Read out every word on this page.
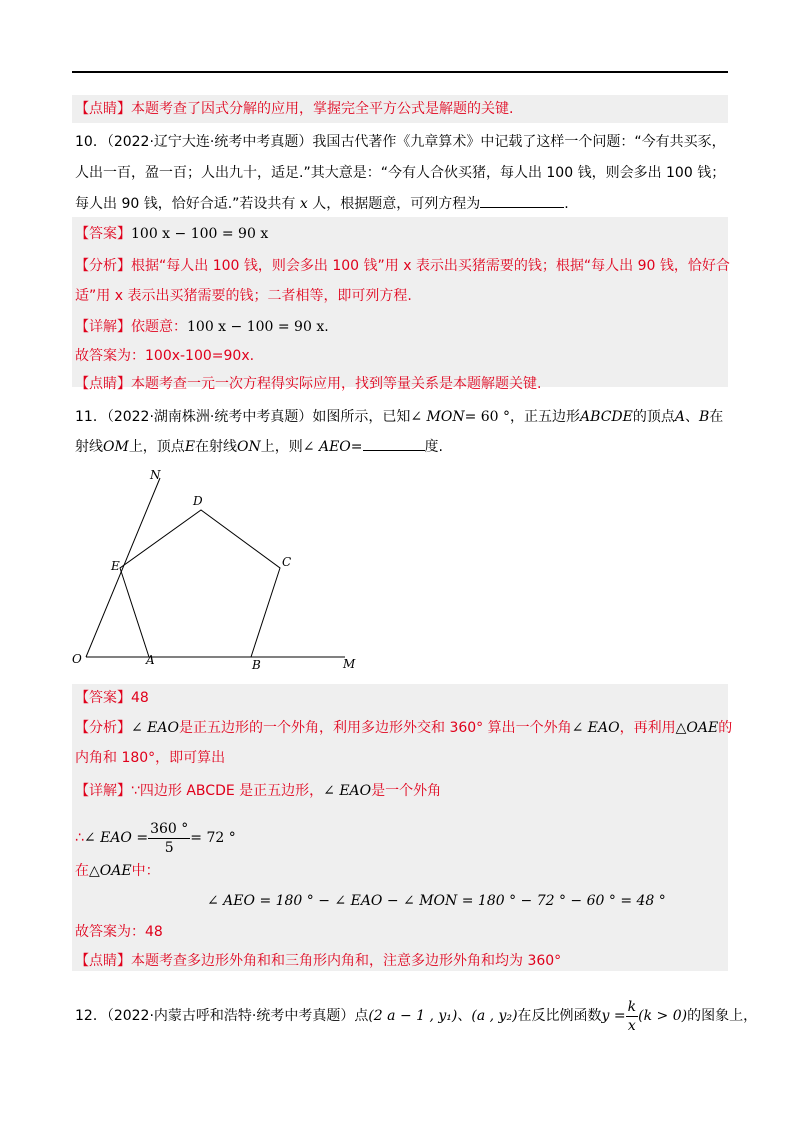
【点睛】本题考查了因式分解的应用，掌握完全平方公式是解题的关键.
10．（2022·辽宁大连·统考中考真题）我国古代著作《九章算术》中记载了这样一个问题：“今有共买豕，
人出一百，盈一百；人出九十，适足.”其大意是：“今有人合伙买猪，每人出 100 钱，则会多出 100 钱；
每人出 90 钱，恰好合适.”若设共有 x 人，根据题意，可列方程为	.
【答案】100 x − 100 = 90 x
【分析】根据“每人出 100 钱，则会多出 100 钱”用 x 表示出买猪需要的钱；根据“每人出 90 钱，恰好合
适”用 x 表示出买猪需要的钱；二者相等，即可列方程.
【详解】依题意：100 x − 100 = 90 x.
故答案为：100x-100=90x.
【点睛】本题考查一元一次方程得实际应用，找到等量关系是本题解题关键.
11．（2022·湖南株洲·统考中考真题）如图所示，已知∠ MON= 60 °，正五边形ABCDE的顶点A、B在
射线OM上，顶点E在射线ON上，则∠ AEO=	度.
N
D
E	C
O	A	B	M
【答案】48
【分析】∠ EAO是正五边形的一个外角，利用多边形外交和 360° 算出一个外角∠ EAO，再利用△OAE的
内角和 180°，即可算出
【详解】∵四边形 ABCDE 是正五边形，∠ EAO是一个外角
∴∠ EAO = $\frac{360 ^\circ}{5} = 72$ °
在△OAE中：
∠ AEO = 180 ° − ∠ EAO − ∠ MON = 180 ° − 72 ° − 60 ° = 48 °
故答案为：48
【点睛】本题考查多边形外角和和三角形内角和，注意多边形外角和均为 360°
12．（2022·内蒙古呼和浩特·统考中考真题）点(2 a − 1 , y₁)、(a , y₂)在反比例函数$y = \frac{k}{x} (k > 0)$的图象上，
